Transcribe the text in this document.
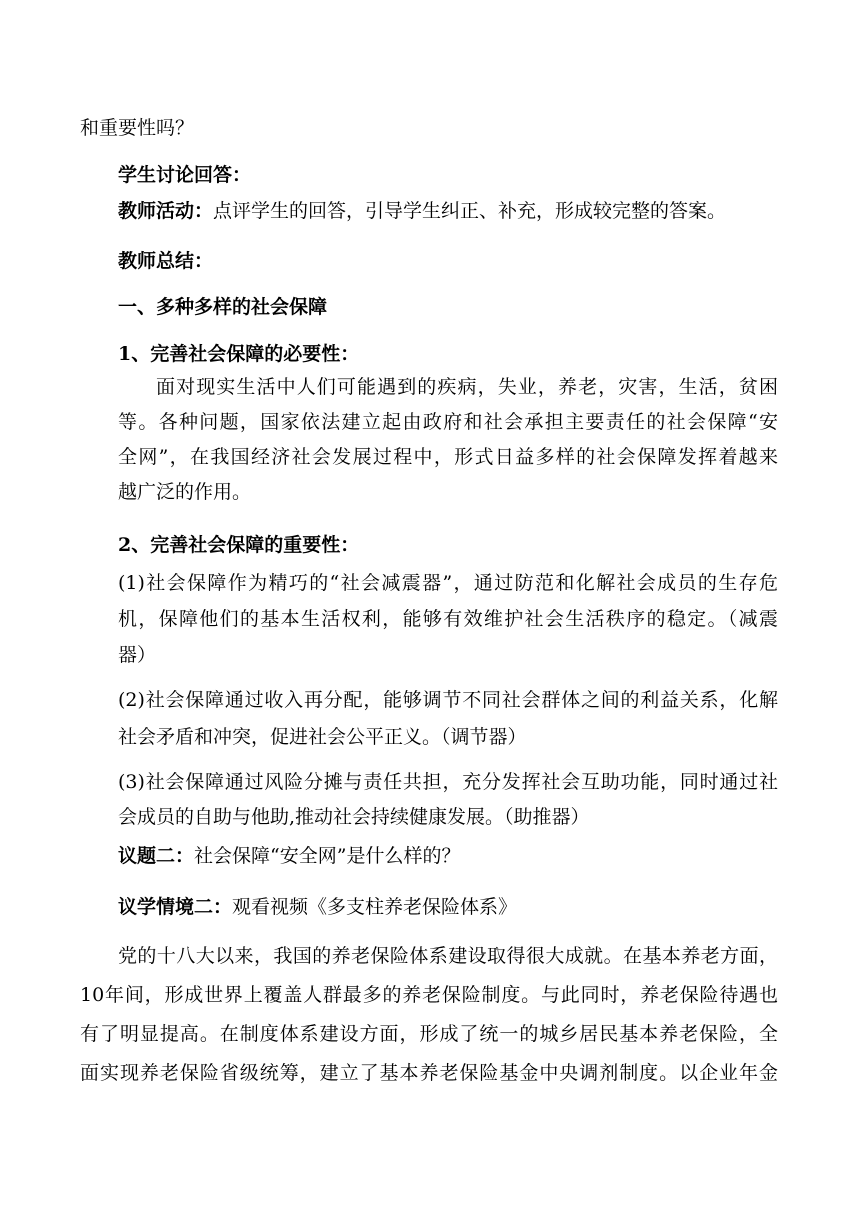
和重要性吗？
学生讨论回答：
教师活动：点评学生的回答，引导学生纠正、补充，形成较完整的答案。
教师总结：
一、多种多样的社会保障
1、完善社会保障的必要性：
面对现实生活中人们可能遇到的疾病，失业，养老，灾害，生活，贫困
等。各种问题，国家依法建立起由政府和社会承担主要责任的社会保障“安
全网”，在我国经济社会发展过程中，形式日益多样的社会保障发挥着越来
越广泛的作用。
2、完善社会保障的重要性：
(1)社会保障作为精巧的“社会减震器”，通过防范和化解社会成员的生存危
机，保障他们的基本生活权利，能够有效维护社会生活秩序的稳定。（减震
器）
(2)社会保障通过收入再分配，能够调节不同社会群体之间的利益关系，化解
社会矛盾和冲突，促进社会公平正义。（调节器）
(3)社会保障通过风险分摊与责任共担，充分发挥社会互助功能，同时通过社
会成员的自助与他助,推动社会持续健康发展。（助推器）
议题二：社会保障“安全网”是什么样的？
议学情境二：观看视频《多支柱养老保险体系》
党的十八大以来，我国的养老保险体系建设取得很大成就。在基本养老方面，
10年间，形成世界上覆盖人群最多的养老保险制度。与此同时，养老保险待遇也
有了明显提高。在制度体系建设方面，形成了统一的城乡居民基本养老保险，全
面实现养老保险省级统筹，建立了基本养老保险基金中央调剂制度。以企业年金
